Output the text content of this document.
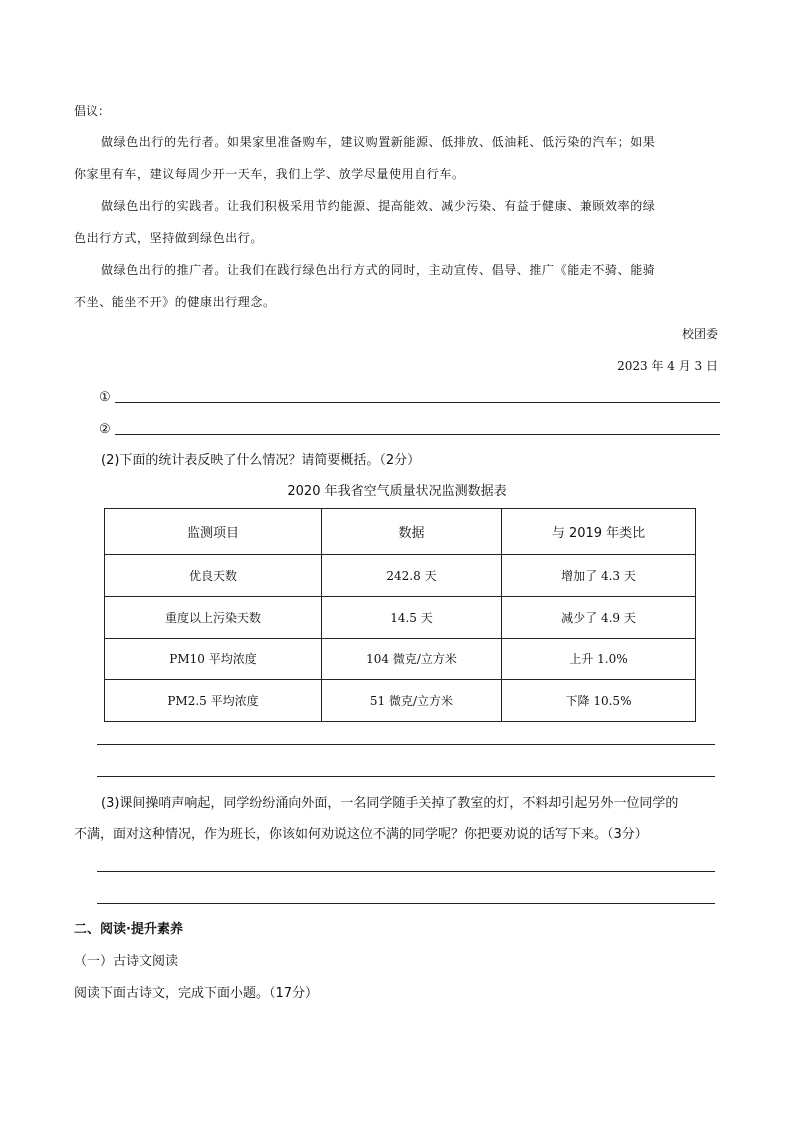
倡议：
做绿色出行的先行者。如果家里准备购车，建议购置新能源、低排放、低油耗、低污染的汽车；如果
你家里有车，建议每周少开一天车，我们上学、放学尽量使用自行车。
做绿色出行的实践者。让我们积极采用节约能源、提高能效、减少污染、有益于健康、兼顾效率的绿
色出行方式，坚持做到绿色出行。
做绿色出行的推广者。让我们在践行绿色出行方式的同时，主动宣传、倡导、推广《能走不骑、能骑
不坐、能坐不开》的健康出行理念。
校团委
2023 年 4 月 3 日
①
②
(2)下面的统计表反映了什么情况？请简要概括。（2分）
2020 年我省空气质量状况监测数据表
监测项目	数据	与 2019 年类比
优良天数	242.8 天	增加了 4.3 天
重度以上污染天数	14.5 天	减少了 4.9 天
PM10 平均浓度	104 微克/立方米	上升 1.0%
PM2.5 平均浓度	51 微克/立方米	下降 10.5%
(3)课间操哨声响起，同学纷纷涌向外面，一名同学随手关掉了教室的灯，不料却引起另外一位同学的
不满，面对这种情况，作为班长，你该如何劝说这位不满的同学呢？你把要劝说的话写下来。（3分）
二、阅读·提升素养
（一）古诗文阅读
阅读下面古诗文，完成下面小题。（17分）
